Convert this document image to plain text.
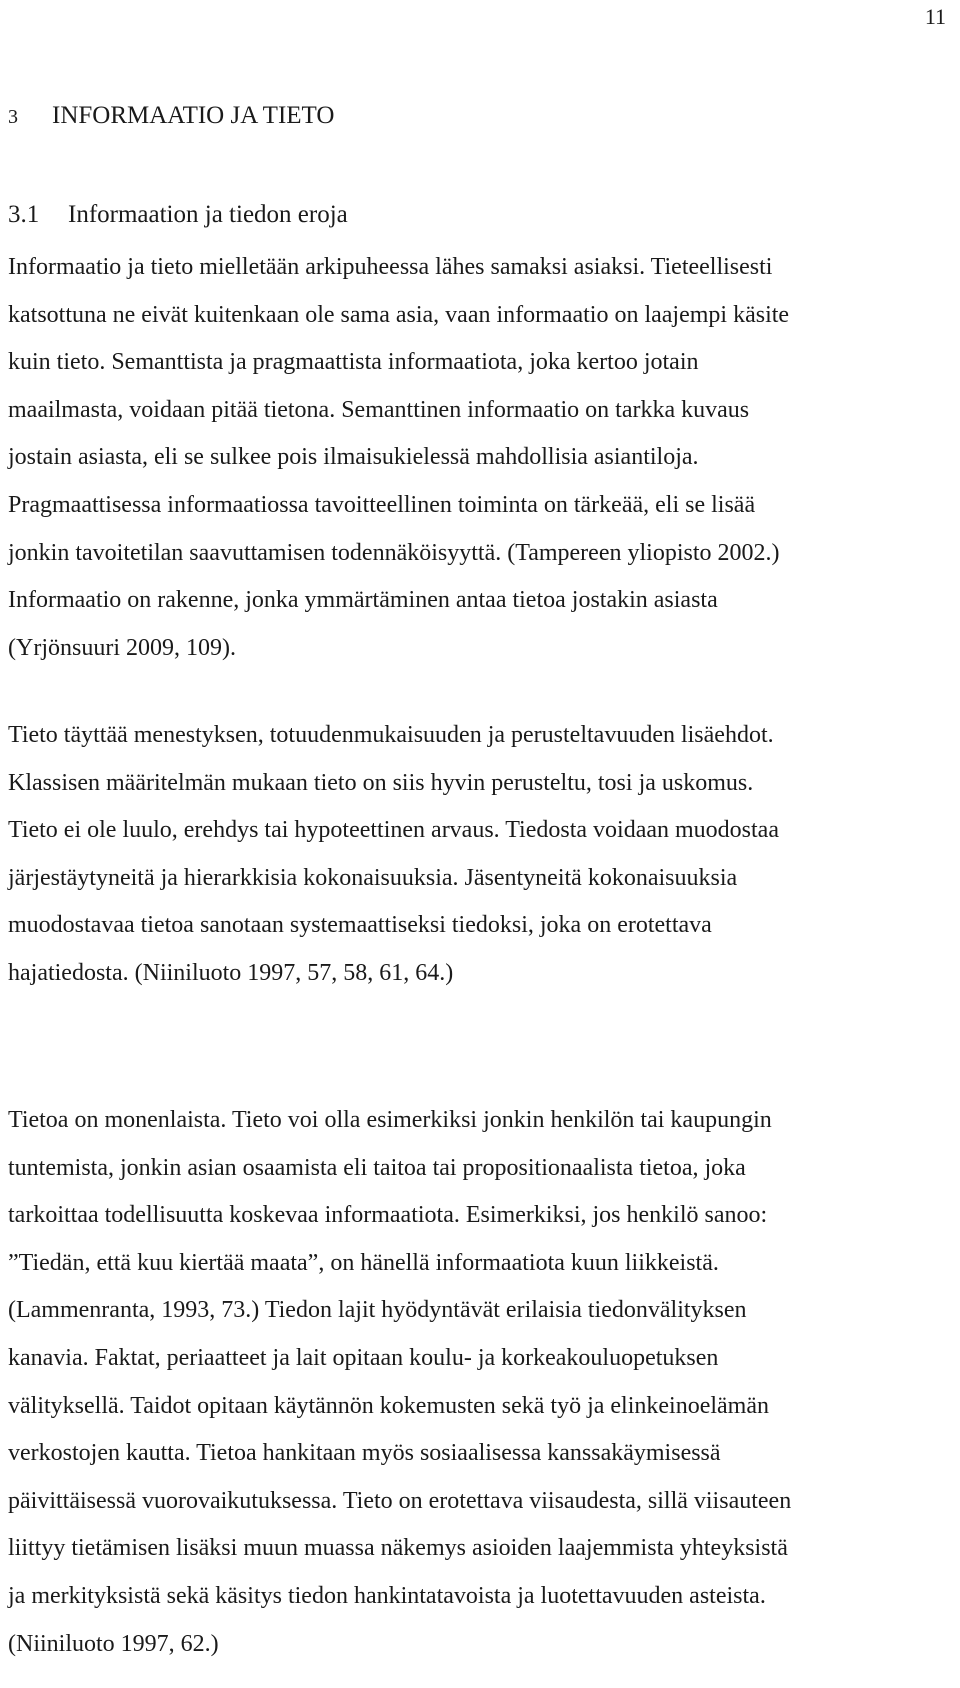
11
3 INFORMAATIO JA TIETO
3.1 Informaation ja tiedon eroja
Informaatio ja tieto mielletään arkipuheessa lähes samaksi asiaksi. Tieteellisesti
katsottuna ne eivät kuitenkaan ole sama asia, vaan informaatio on laajempi käsite
kuin tieto. Semanttista ja pragmaattista informaatiota, joka kertoo jotain
maailmasta, voidaan pitää tietona. Semanttinen informaatio on tarkka kuvaus
jostain asiasta, eli se sulkee pois ilmaisukielessä mahdollisia asiantiloja.
Pragmaattisessa informaatiossa tavoitteellinen toiminta on tärkeää, eli se lisää
jonkin tavoitetilan saavuttamisen todennäköisyyttä. (Tampereen yliopisto 2002.)
Informaatio on rakenne, jonka ymmärtäminen antaa tietoa jostakin asiasta
(Yrjönsuuri 2009, 109).
Tieto täyttää menestyksen, totuudenmukaisuuden ja perusteltavuuden lisäehdot.
Klassisen määritelmän mukaan tieto on siis hyvin perusteltu, tosi ja uskomus.
Tieto ei ole luulo, erehdys tai hypoteettinen arvaus. Tiedosta voidaan muodostaa
järjestäytyneitä ja hierarkkisia kokonaisuuksia. Jäsentyneitä kokonaisuuksia
muodostavaa tietoa sanotaan systemaattiseksi tiedoksi, joka on erotettava
hajatiedosta. (Niiniluoto 1997, 57, 58, 61, 64.)
Tietoa on monenlaista. Tieto voi olla esimerkiksi jonkin henkilön tai kaupungin
tuntemista, jonkin asian osaamista eli taitoa tai propositionaalista tietoa, joka
tarkoittaa todellisuutta koskevaa informaatiota. Esimerkiksi, jos henkilö sanoo:
”Tiedän, että kuu kiertää maata”, on hänellä informaatiota kuun liikkeistä.
(Lammenranta, 1993, 73.) Tiedon lajit hyödyntävät erilaisia tiedonvälityksen
kanavia. Faktat, periaatteet ja lait opitaan koulu- ja korkeakouluopetuksen
välityksellä. Taidot opitaan käytännön kokemusten sekä työ ja elinkeinoelämän
verkostojen kautta. Tietoa hankitaan myös sosiaalisessa kanssakäymisessä
päivittäisessä vuorovaikutuksessa. Tieto on erotettava viisaudesta, sillä viisauteen
liittyy tietämisen lisäksi muun muassa näkemys asioiden laajemmista yhteyksistä
ja merkityksistä sekä käsitys tiedon hankintatavoista ja luotettavuuden asteista.
(Niiniluoto 1997, 62.)
